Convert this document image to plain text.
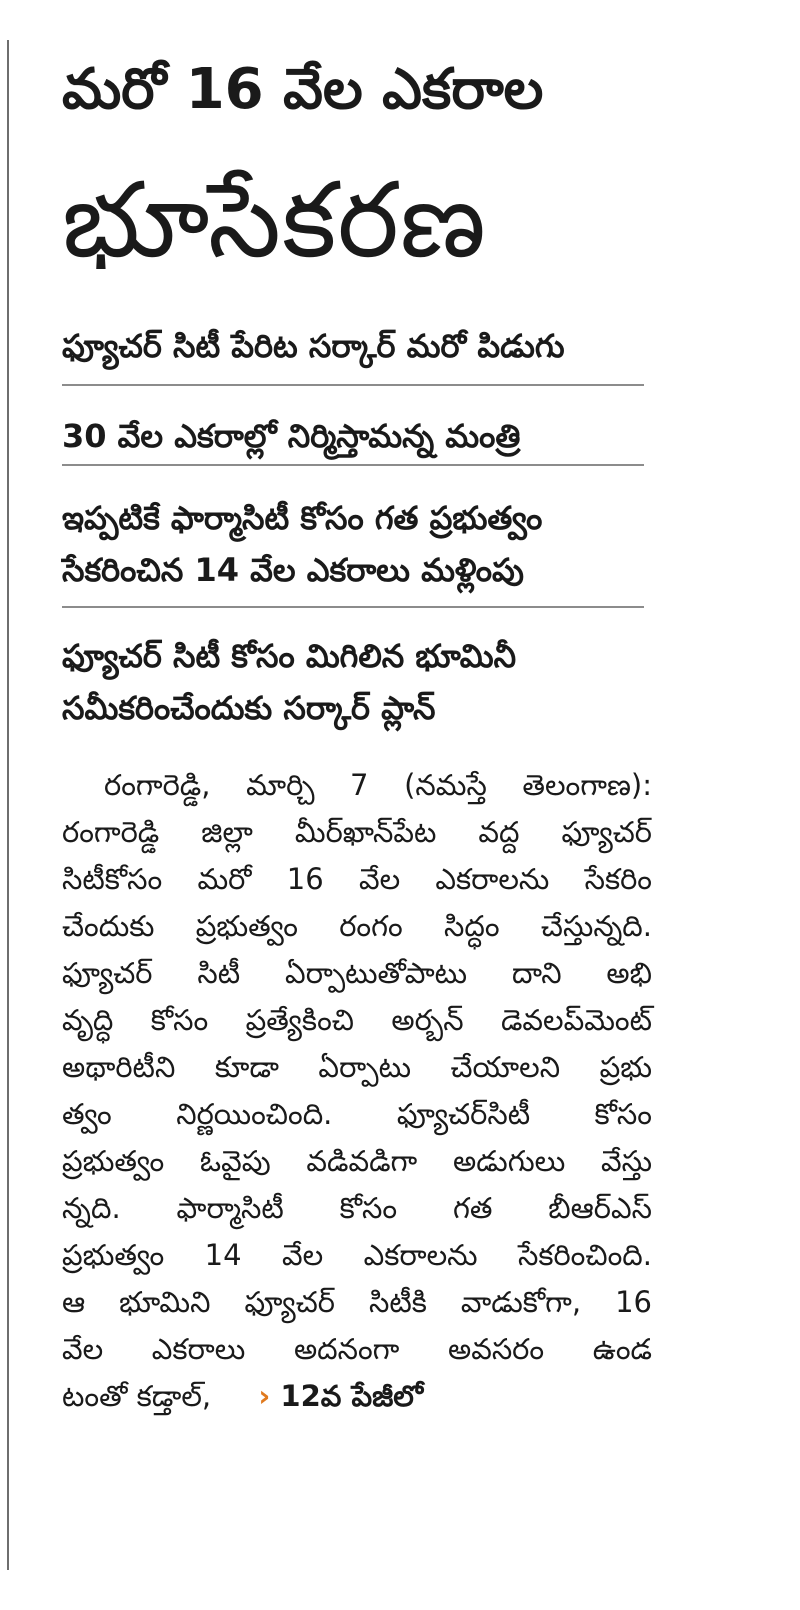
మరో 16 వేల ఎకరాల
భూసేకరణ
ఫ్యూచర్ సిటీ పేరిట సర్కార్ మరో పిడుగు
30 వేల ఎకరాల్లో నిర్మిస్తామన్న మంత్రి
ఇప్పటికే ఫార్మాసిటీ కోసం గత ప్రభుత్వం
సేకరించిన 14 వేల ఎకరాలు మళ్లింపు
ఫ్యూచర్ సిటీ కోసం మిగిలిన భూమినీ
సమీకరించేందుకు సర్కార్ ప్లాన్
రంగారెడ్డి, మార్చి 7 (నమస్తే తెలంగాణ):
రంగారెడ్డి జిల్లా మీర్‌ఖాన్‌పేట వద్ద ఫ్యూచర్
సిటీకోసం మరో 16 వేల ఎకరాలను సేకరిం
చేందుకు ప్రభుత్వం రంగం సిద్ధం చేస్తున్నది.
ఫ్యూచర్ సిటీ ఏర్పాటుతోపాటు దాని అభి
వృద్ధి కోసం ప్రత్యేకించి అర్బన్ డెవలప్‌మెంట్
అథారిటీని కూడా ఏర్పాటు చేయాలని ప్రభు
త్వం నిర్ణయించింది. ఫ్యూచర్‌సిటీ కోసం
ప్రభుత్వం ఓవైపు వడివడిగా అడుగులు వేస్తు
న్నది. ఫార్మాసిటీ కోసం గత బీఆర్‌ఎస్
ప్రభుత్వం 14 వేల ఎకరాలను సేకరించింది.
ఆ భూమిని ఫ్యూచర్ సిటీకి వాడుకోగా, 16
వేల ఎకరాలు అదనంగా అవసరం ఉండ
టంతో కడ్తాల్, › 12వ పేజీలో
